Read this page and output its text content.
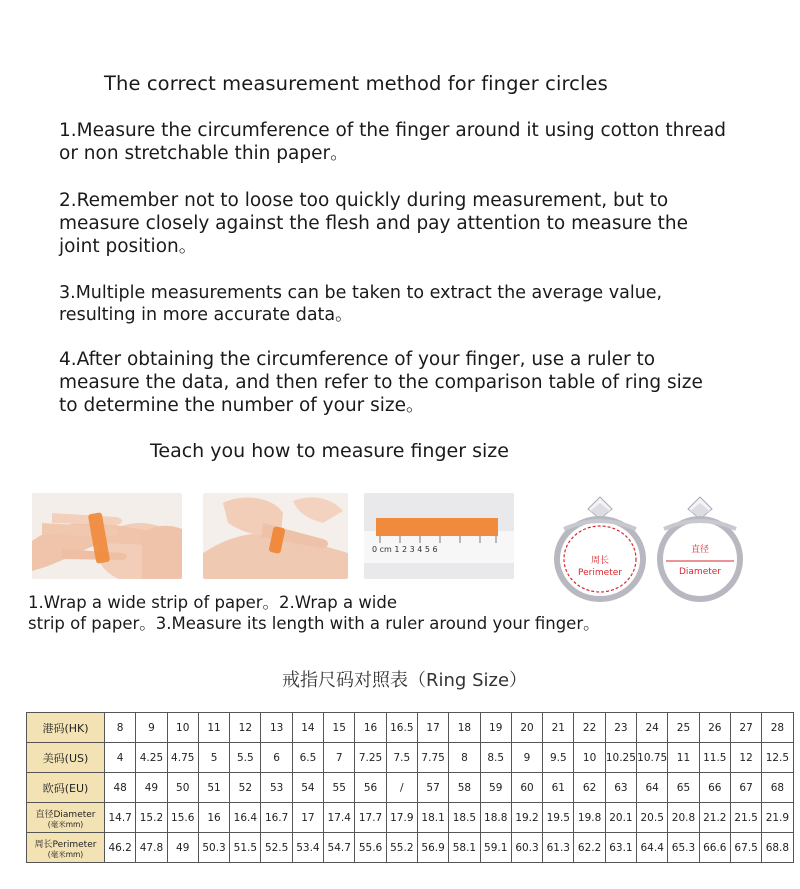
The correct measurement method for finger circles
1.Measure the circumference of the finger around it using cotton thread
or non stretchable thin paper。
2.Remember not to loose too quickly during measurement, but to
measure closely against the flesh and pay attention to measure the
joint position。
3.Multiple measurements can be taken to extract the average value,
resulting in more accurate data。
4.After obtaining the circumference of your finger, use a ruler to
measure the data, and then refer to the comparison table of ring size
to determine the number of your size。
Teach you how to measure finger size
0 cm 1 2 3 4 5 6
周长
Perimeter
直径
Diameter
1.Wrap a wide strip of paper。2.Wrap a wide
strip of paper。3.Measure its length with a ruler around your finger。
戒指尺码对照表（Ring Size）
港码(HK)	8	9	10	11	12	13	14	15	16	16.5	17	18	19	20	21	22	23	24	25	26	27	28
美码(US)	4	4.25	4.75	5	5.5	6	6.5	7	7.25	7.5	7.75	8	8.5	9	9.5	10	10.25	10.75	11	11.5	12	12.5
欧码(EU)	48	49	50	51	52	53	54	55	56	/	57	58	59	60	61	62	63	64	65	66	67	68
直径Diameter
(毫米mm)	14.7	15.2	15.6	16	16.4	16.7	17	17.4	17.7	17.9	18.1	18.5	18.8	19.2	19.5	19.8	20.1	20.5	20.8	21.2	21.5	21.9
周长Perimeter
(毫米mm)	46.2	47.8	49	50.3	51.5	52.5	53.4	54.7	55.6	55.2	56.9	58.1	59.1	60.3	61.3	62.2	63.1	64.4	65.3	66.6	67.5	68.8
